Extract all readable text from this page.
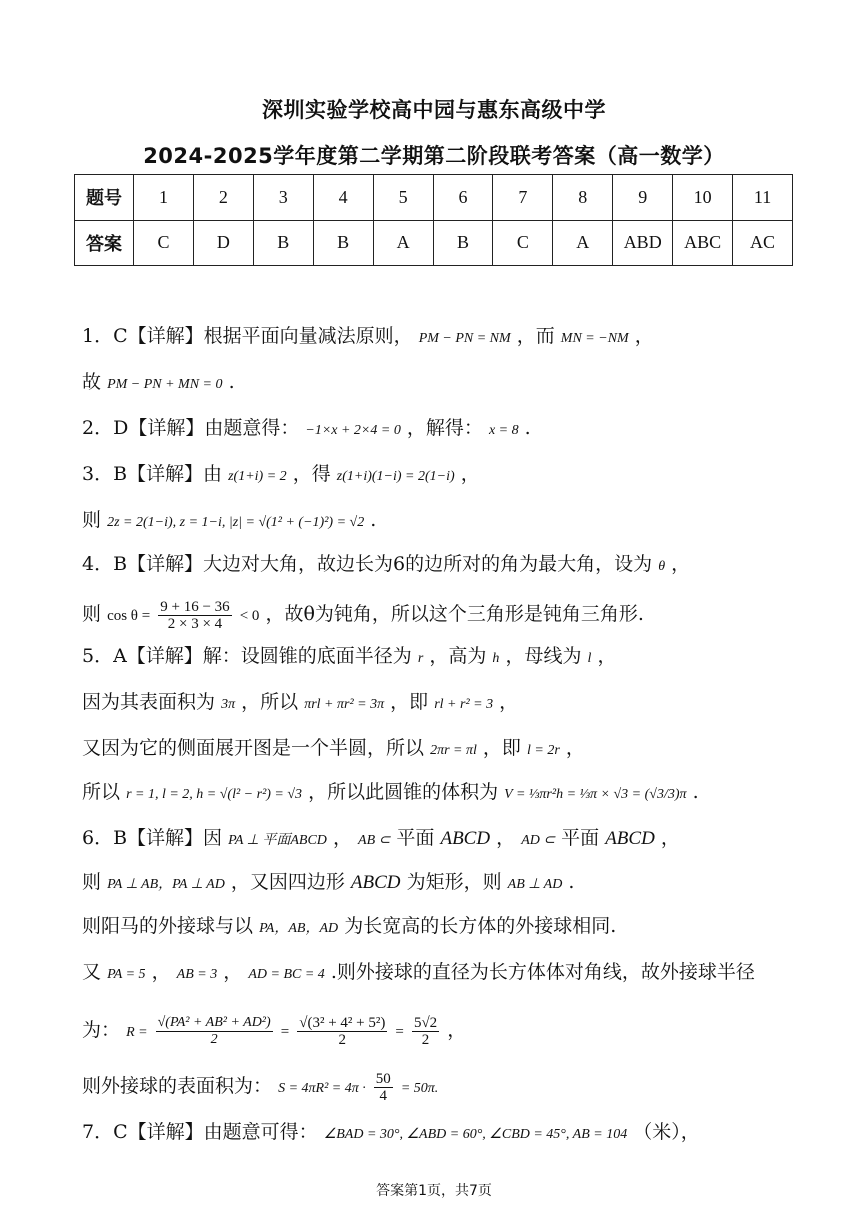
深圳实验学校高中园与惠东高级中学
2024-2025学年度第二学期第二阶段联考答案（高一数学）
题号	1	2	3	4	5	6	7	8	9	10	11
答案	C	D	B	B	A	B	C	A	ABD	ABC	AC
1．C【详解】根据平面向量减法原则， PM − PN = NM ，而 MN = −NM ，
故 PM − PN + MN = 0 .
2．D【详解】由题意得： −1×x + 2×4 = 0 ，解得： x = 8 .
3．B【详解】由 z(1+i) = 2 ，得 z(1+i)(1−i) = 2(1−i) ，
则 2z = 2(1−i), z = 1−i, |z| = √(1² + (−1)²) = √2 .
4．B【详解】大边对大角，故边长为6的边所对的角为最大角，设为 θ ，
则 $\cos \theta = \frac{9 + 16 - 36}{2 \times 3 \times 4} < 0$ ，故θ为钝角，所以这个三角形是钝角三角形.
5．A【详解】解：设圆锥的底面半径为 r ，高为 h ，母线为 l ，
因为其表面积为 3π ，所以 πrl + πr² = 3π ，即 rl + r² = 3 ，
又因为它的侧面展开图是一个半圆，所以 2πr = πl ，即 l = 2r ，
所以 r = 1, l = 2, h = √(l² − r²) = √3 ，所以此圆锥的体积为 V = ⅓πr²h = ⅓π × √3 = (√3/3)π .
6．B【详解】因 PA ⊥ 平面ABCD ， AB ⊂ 平面 ABCD ， AD ⊂ 平面 ABCD ，
则 PA ⊥ AB，PA ⊥ AD ，又因四边形 ABCD 为矩形，则 AB ⊥ AD .
则阳马的外接球与以 PA，AB，AD 为长宽高的长方体的外接球相同.
又 PA = 5 ， AB = 3 ， AD = BC = 4 .则外接球的直径为长方体体对角线，故外接球半径
为： $R = \frac{\text{√(PA² + AB² + AD²)}}{2} = \frac{\text{√(3² + 4² + 5²)}}{2} = \frac{5√2}{2}$ ，
则外接球的表面积为： $S = 4\pi R^2 = 4\pi \cdot \frac{50}{4} = 50\pi$.
7．C【详解】由题意可得： ∠BAD = 30°, ∠ABD = 60°, ∠CBD = 45°, AB = 104 （米），
答案第1页，共7页
